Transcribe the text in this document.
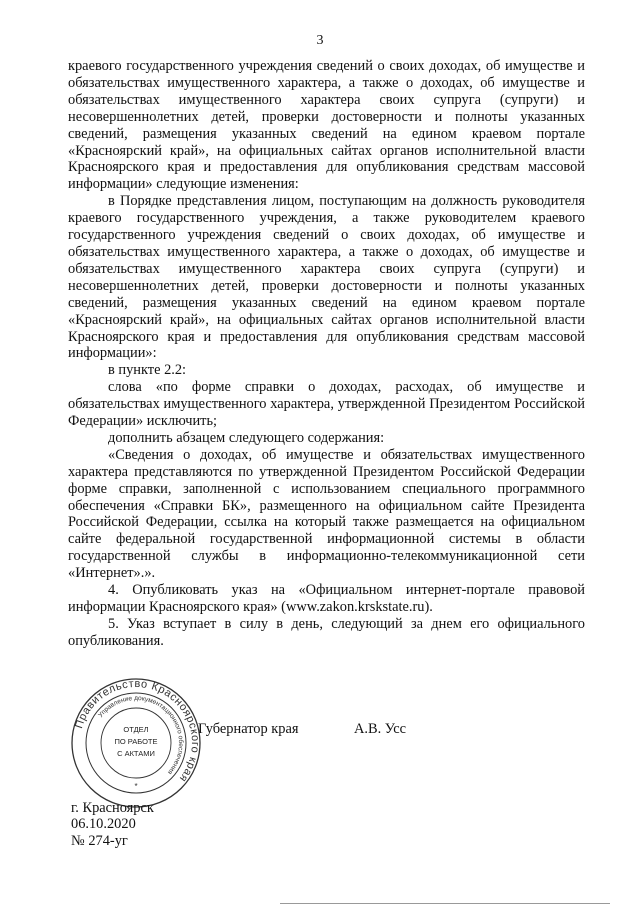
3

краевого государственного учреждения сведений о своих доходах, об имуществе и обязательствах имущественного характера, а также о доходах, об имуществе и обязательствах имущественного характера своих супруга (супруги) и несовершеннолетних детей, проверки достоверности и полноты указанных сведений, размещения указанных сведений на едином краевом портале «Красноярский край», на официальных сайтах органов исполнительной власти Красноярского края и предоставления для опубликования средствам массовой информации» следующие изменения:

в Порядке представления лицом, поступающим на должность руководителя краевого государственного учреждения, а также руководителем краевого государственного учреждения сведений о своих доходах, об имуществе и обязательствах имущественного характера, а также о доходах, об имуществе и обязательствах имущественного характера своих супруга (супруги) и несовершеннолетних детей, проверки достоверности и полноты указанных сведений, размещения указанных сведений на едином краевом портале «Красноярский край», на официальных сайтах органов исполнительной власти Красноярского края и предоставления для опубликования средствам массовой информации»:

в пункте 2.2:

слова «по форме справки о доходах, расходах, об имуществе и обязательствах имущественного характера, утвержденной Президентом Российской Федерации» исключить;

дополнить абзацем следующего содержания:

«Сведения о доходах, об имуществе и обязательствах имущественного характера представляются по утвержденной Президентом Российской Федерации форме справки, заполненной с использованием специального программного обеспечения «Справки БК», размещенного на официальном сайте Президента Российской Федерации, ссылка на который также размещается на официальном сайте федеральной государственной информационной системы в области государственной службы в информационно-телекоммуникационной сети «Интернет».».

4. Опубликовать указ на «Официальном интернет-портале правовой информации Красноярского края» (www.zakon.krskstate.ru).

5. Указ вступает в силу в день, следующий за днем его официального опубликования.

Правительство Красноярского края
Управление документационного обеспечения
ОТДЕЛ
ПО РАБОТЕ
С АКТАМИ
*
Губернатор края	А.В. Усс
г. Красноярск
06.10.2020
№ 274-уг
